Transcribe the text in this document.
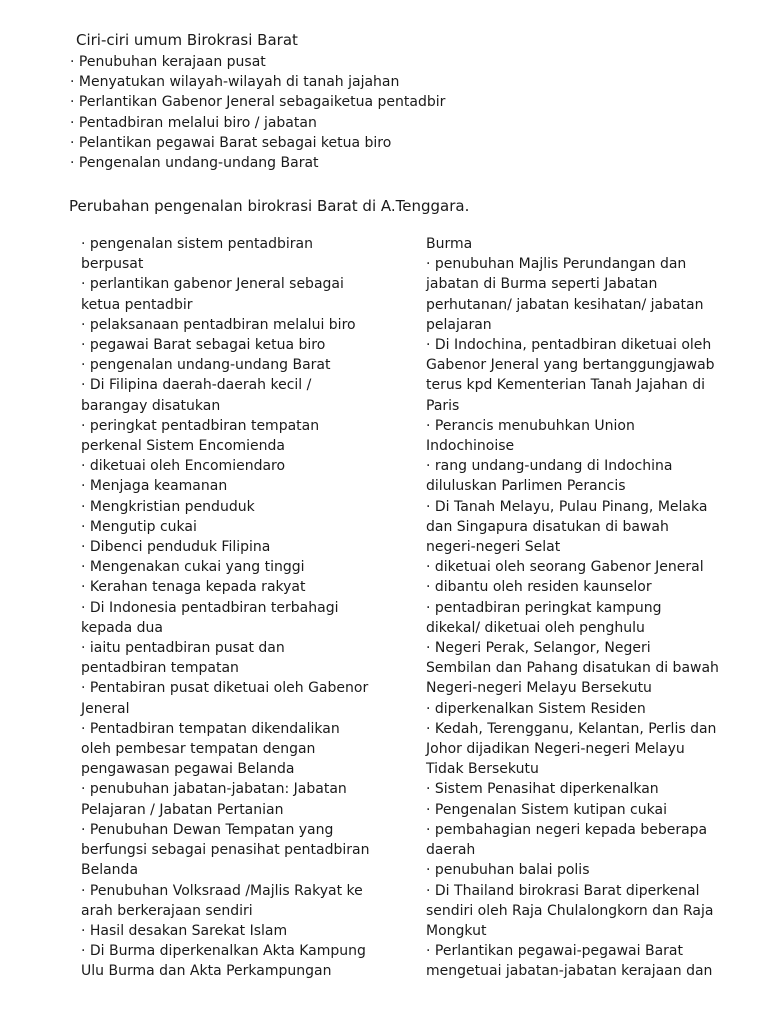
Ciri-ciri umum Birokrasi Barat
· Penubuhan kerajaan pusat
· Menyatukan wilayah-wilayah di tanah jajahan
· Perlantikan Gabenor Jeneral sebagaiketua pentadbir
· Pentadbiran melalui biro / jabatan
· Pelantikan pegawai Barat sebagai ketua biro
· Pengenalan undang-undang Barat
Perubahan pengenalan birokrasi Barat di A.Tenggara.
· pengenalan sistem pentadbiran
berpusat
· perlantikan gabenor Jeneral sebagai
ketua pentadbir
· pelaksanaan pentadbiran melalui biro
· pegawai Barat sebagai ketua biro
· pengenalan undang-undang Barat
· Di Filipina daerah-daerah kecil /
barangay disatukan
· peringkat pentadbiran tempatan
perkenal Sistem Encomienda
· diketuai oleh Encomiendaro
· Menjaga keamanan
· Mengkristian penduduk
· Mengutip cukai
· Dibenci penduduk Filipina
· Mengenakan cukai yang tinggi
· Kerahan tenaga kepada rakyat
· Di Indonesia pentadbiran terbahagi
kepada dua
· iaitu pentadbiran pusat dan
pentadbiran tempatan
· Pentabiran pusat diketuai oleh Gabenor
Jeneral
· Pentadbiran tempatan dikendalikan
oleh pembesar tempatan dengan
pengawasan pegawai Belanda
· penubuhan jabatan-jabatan: Jabatan
Pelajaran / Jabatan Pertanian
· Penubuhan Dewan Tempatan yang
berfungsi sebagai penasihat pentadbiran
Belanda
· Penubuhan Volksraad /Majlis Rakyat ke
arah berkerajaan sendiri
· Hasil desakan Sarekat Islam
· Di Burma diperkenalkan Akta Kampung
Ulu Burma dan Akta Perkampungan
Burma
· penubuhan Majlis Perundangan dan
jabatan di Burma seperti Jabatan
perhutanan/ jabatan kesihatan/ jabatan
pelajaran
· Di Indochina, pentadbiran diketuai oleh
Gabenor Jeneral yang bertanggungjawab
terus kpd Kementerian Tanah Jajahan di
Paris
· Perancis menubuhkan Union
Indochinoise
· rang undang-undang di Indochina
diluluskan Parlimen Perancis
· Di Tanah Melayu, Pulau Pinang, Melaka
dan Singapura disatukan di bawah
negeri-negeri Selat
· diketuai oleh seorang Gabenor Jeneral
· dibantu oleh residen kaunselor
· pentadbiran peringkat kampung
dikekal/ diketuai oleh penghulu
· Negeri Perak, Selangor, Negeri
Sembilan dan Pahang disatukan di bawah
Negeri-negeri Melayu Bersekutu
· diperkenalkan Sistem Residen
· Kedah, Terengganu, Kelantan, Perlis dan
Johor dijadikan Negeri-negeri Melayu
Tidak Bersekutu
· Sistem Penasihat diperkenalkan
· Pengenalan Sistem kutipan cukai
· pembahagian negeri kepada beberapa
daerah
· penubuhan balai polis
· Di Thailand birokrasi Barat diperkenal
sendiri oleh Raja Chulalongkorn dan Raja
Mongkut
· Perlantikan pegawai-pegawai Barat
mengetuai jabatan-jabatan kerajaan dan
